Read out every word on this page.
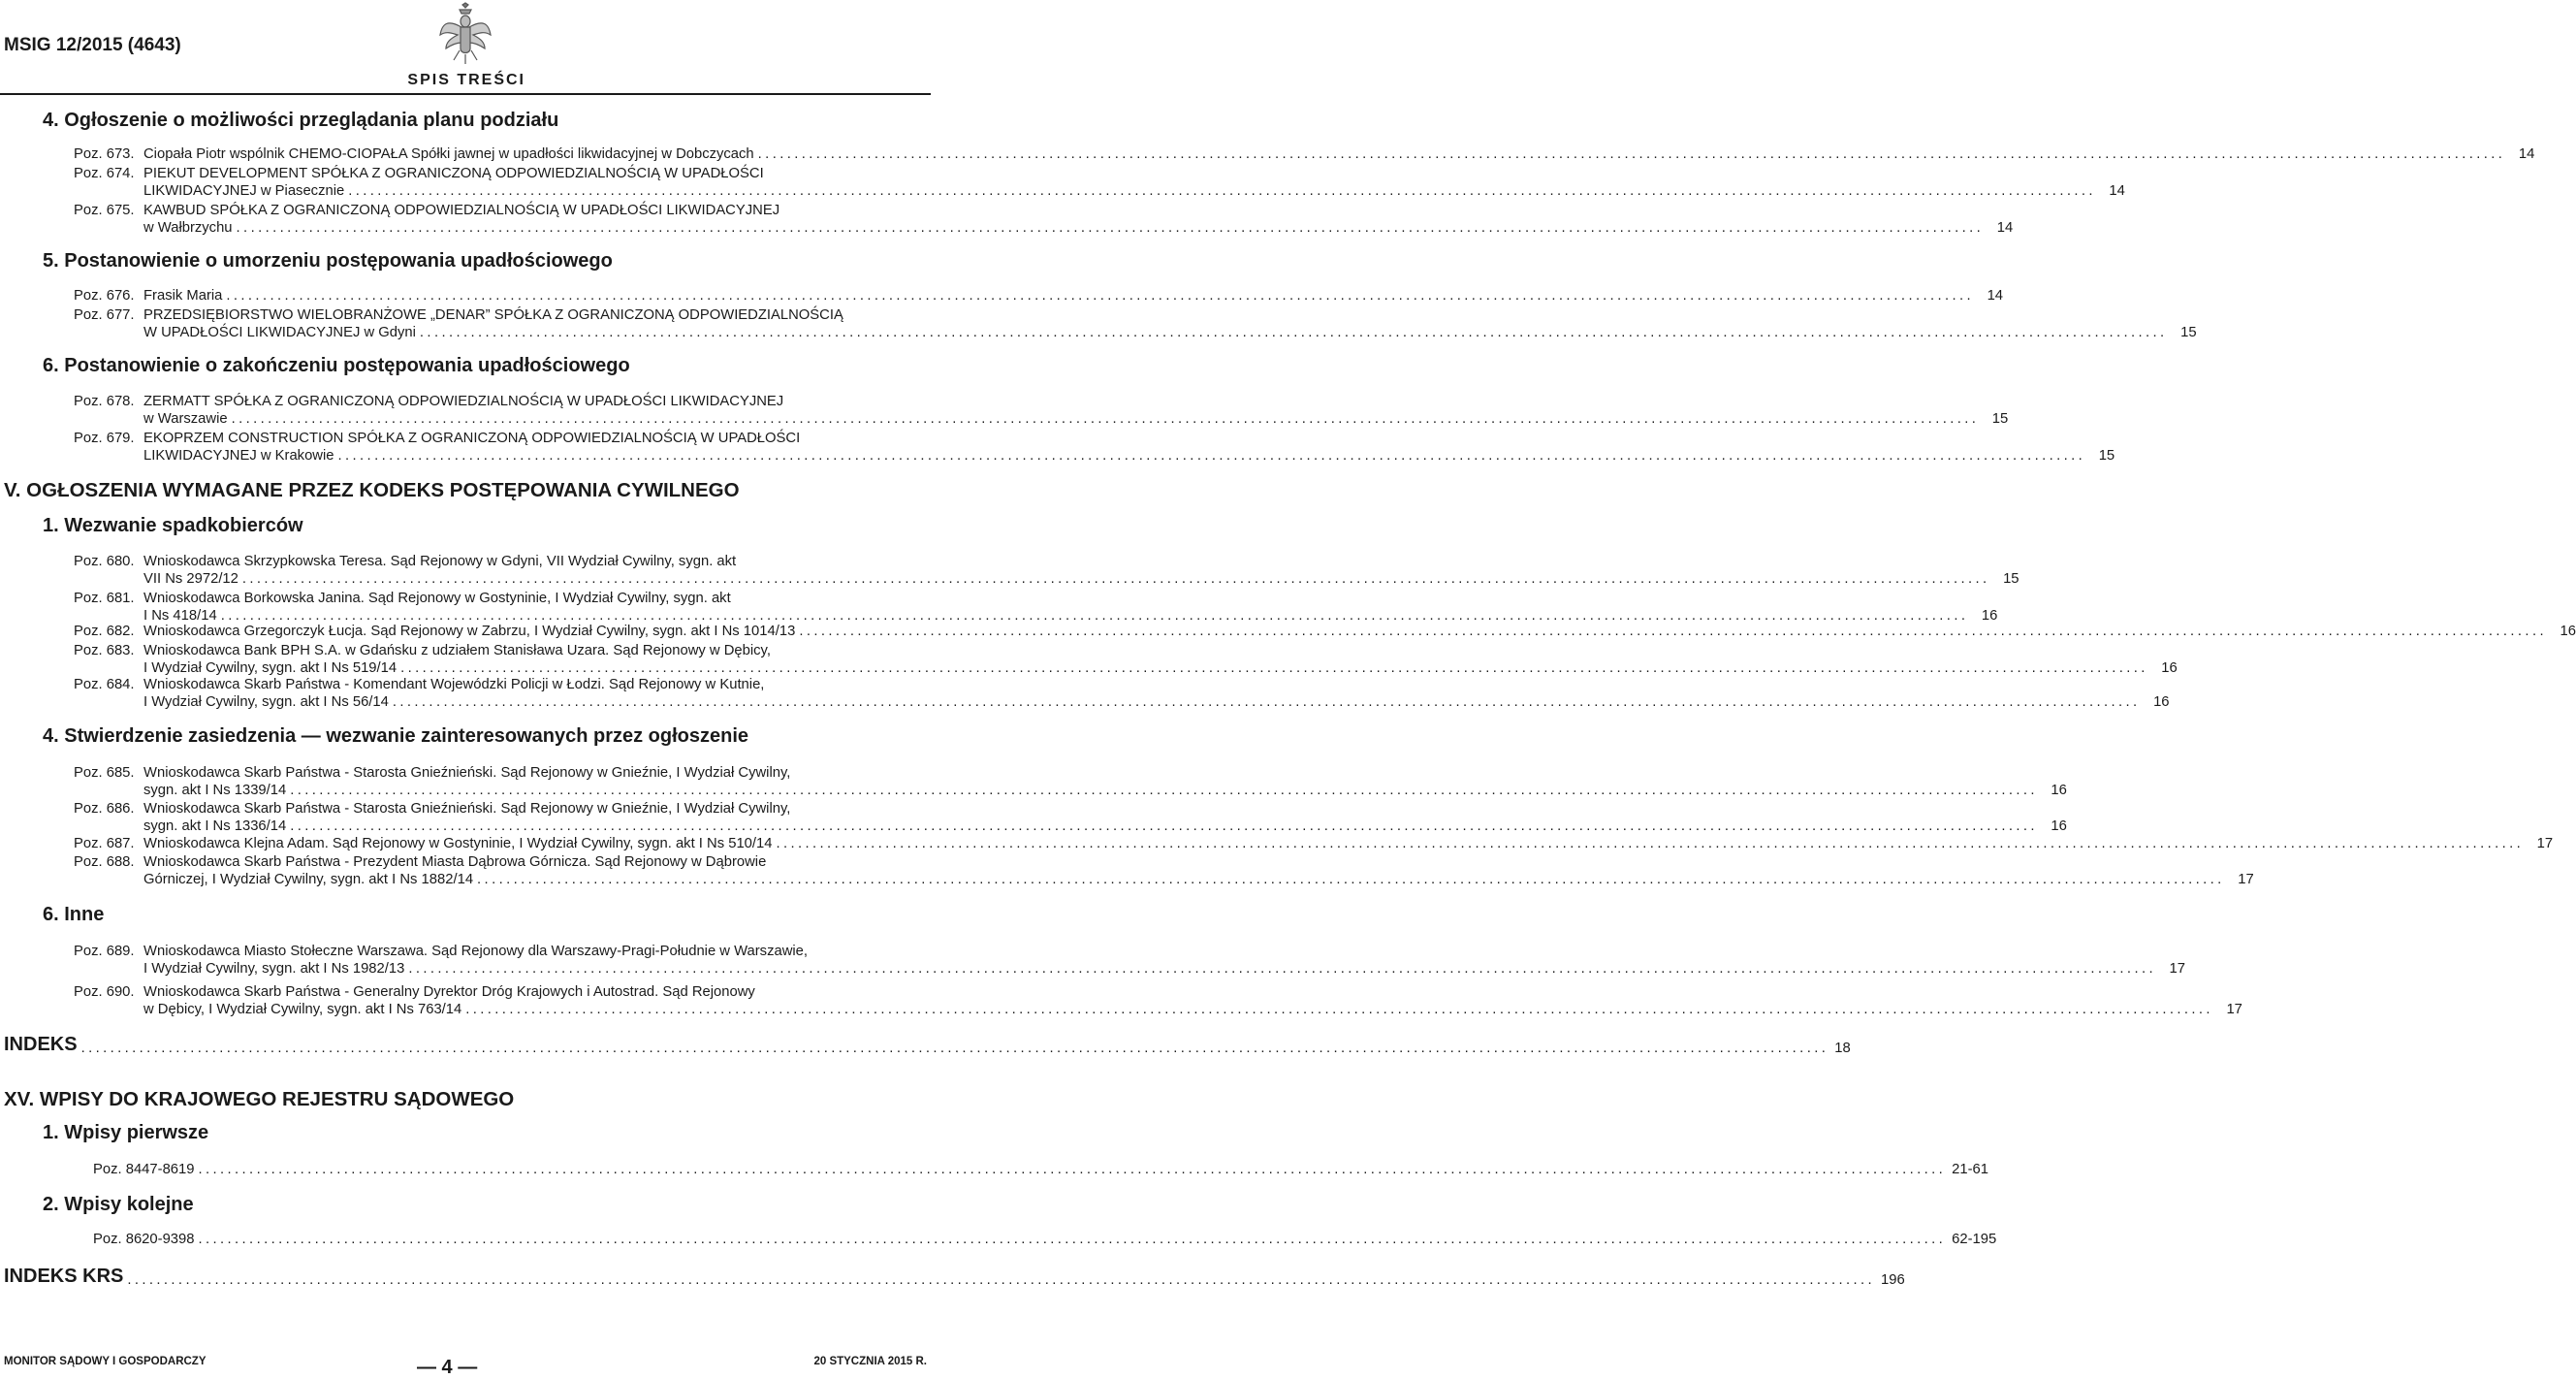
MSIG 12/2015 (4643)
SPIS TREŚCI
4. Ogłoszenie o możliwości przeglądania planu podziału
Poz. 673. Ciopała Piotr wspólnik CHEMO-CIOPAŁA Spółki jawnej w upadłości likwidacyjnej w Dobczycach ................................................................................................................................................................................................................................................ 14
Poz. 674. PIEKUT DEVELOPMENT SPÓŁKA Z OGRANICZONĄ ODPOWIEDZIALNOŚCIĄ W UPADŁOŚCI
LIKWIDACYJNEJ w Piasecznie ................................................................................................................................................................................................................................................ 14
Poz. 675. KAWBUD SPÓŁKA Z OGRANICZONĄ ODPOWIEDZIALNOŚCIĄ W UPADŁOŚCI LIKWIDACYJNEJ
w Wałbrzychu ................................................................................................................................................................................................................................................ 14
5. Postanowienie o umorzeniu postępowania upadłościowego
Poz. 676. Frasik Maria ................................................................................................................................................................................................................................................ 14
Poz. 677. PRZEDSIĘBIORSTWO WIELOBRANŻOWE „DENAR” SPÓŁKA Z OGRANICZONĄ ODPOWIEDZIALNOŚCIĄ
W UPADŁOŚCI LIKWIDACYJNEJ w Gdyni ................................................................................................................................................................................................................................................ 15
6. Postanowienie o zakończeniu postępowania upadłościowego
Poz. 678. ZERMATT SPÓŁKA Z OGRANICZONĄ ODPOWIEDZIALNOŚCIĄ W UPADŁOŚCI LIKWIDACYJNEJ
w Warszawie ................................................................................................................................................................................................................................................ 15
Poz. 679. EKOPRZEM CONSTRUCTION SPÓŁKA Z OGRANICZONĄ ODPOWIEDZIALNOŚCIĄ W UPADŁOŚCI
LIKWIDACYJNEJ w Krakowie ................................................................................................................................................................................................................................................ 15
V. OGŁOSZENIA WYMAGANE PRZEZ KODEKS POSTĘPOWANIA CYWILNEGO
1. Wezwanie spadkobierców
Poz. 680. Wnioskodawca Skrzypkowska Teresa. Sąd Rejonowy w Gdyni, VII Wydział Cywilny, sygn. akt
VII Ns 2972/12 ................................................................................................................................................................................................................................................ 15
Poz. 681. Wnioskodawca Borkowska Janina. Sąd Rejonowy w Gostyninie, I Wydział Cywilny, sygn. akt
I Ns 418/14 ................................................................................................................................................................................................................................................ 16
Poz. 682. Wnioskodawca Grzegorczyk Łucja. Sąd Rejonowy w Zabrzu, I Wydział Cywilny, sygn. akt I Ns 1014/13 ................................................................................................................................................................................................................................................ 16
Poz. 683. Wnioskodawca Bank BPH S.A. w Gdańsku z udziałem Stanisława Uzara. Sąd Rejonowy w Dębicy,
I Wydział Cywilny, sygn. akt I Ns 519/14 ................................................................................................................................................................................................................................................ 16
Poz. 684. Wnioskodawca Skarb Państwa - Komendant Wojewódzki Policji w Łodzi. Sąd Rejonowy w Kutnie,
I Wydział Cywilny, sygn. akt I Ns 56/14 ................................................................................................................................................................................................................................................ 16
4. Stwierdzenie zasiedzenia — wezwanie zainteresowanych przez ogłoszenie
Poz. 685. Wnioskodawca Skarb Państwa - Starosta Gnieźnieński. Sąd Rejonowy w Gnieźnie, I Wydział Cywilny,
sygn. akt I Ns 1339/14 ................................................................................................................................................................................................................................................ 16
Poz. 686. Wnioskodawca Skarb Państwa - Starosta Gnieźnieński. Sąd Rejonowy w Gnieźnie, I Wydział Cywilny,
sygn. akt I Ns 1336/14 ................................................................................................................................................................................................................................................ 16
Poz. 687. Wnioskodawca Klejna Adam. Sąd Rejonowy w Gostyninie, I Wydział Cywilny, sygn. akt I Ns 510/14 ................................................................................................................................................................................................................................................ 17
Poz. 688. Wnioskodawca Skarb Państwa - Prezydent Miasta Dąbrowa Górnicza. Sąd Rejonowy w Dąbrowie
Górniczej, I Wydział Cywilny, sygn. akt I Ns 1882/14 ................................................................................................................................................................................................................................................ 17
6. Inne
Poz. 689. Wnioskodawca Miasto Stołeczne Warszawa. Sąd Rejonowy dla Warszawy-Pragi-Południe w Warszawie,
I Wydział Cywilny, sygn. akt I Ns 1982/13 ................................................................................................................................................................................................................................................ 17
Poz. 690. Wnioskodawca Skarb Państwa - Generalny Dyrektor Dróg Krajowych i Autostrad. Sąd Rejonowy
w Dębicy, I Wydział Cywilny, sygn. akt I Ns 763/14 ................................................................................................................................................................................................................................................ 17
INDEKS ................................................................................................................................................................................................................................................ 18
XV. WPISY DO KRAJOWEGO REJESTRU SĄDOWEGO
1. Wpisy pierwsze
Poz. 8447-8619 ................................................................................................................................................................................................................................................ 21-61
2. Wpisy kolejne
Poz. 8620-9398 ................................................................................................................................................................................................................................................ 62-195
INDEKS KRS ................................................................................................................................................................................................................................................ 196
MONITOR SĄDOWY I GOSPODARCZY	— 4 —	20 STYCZNIA 2015 R.
